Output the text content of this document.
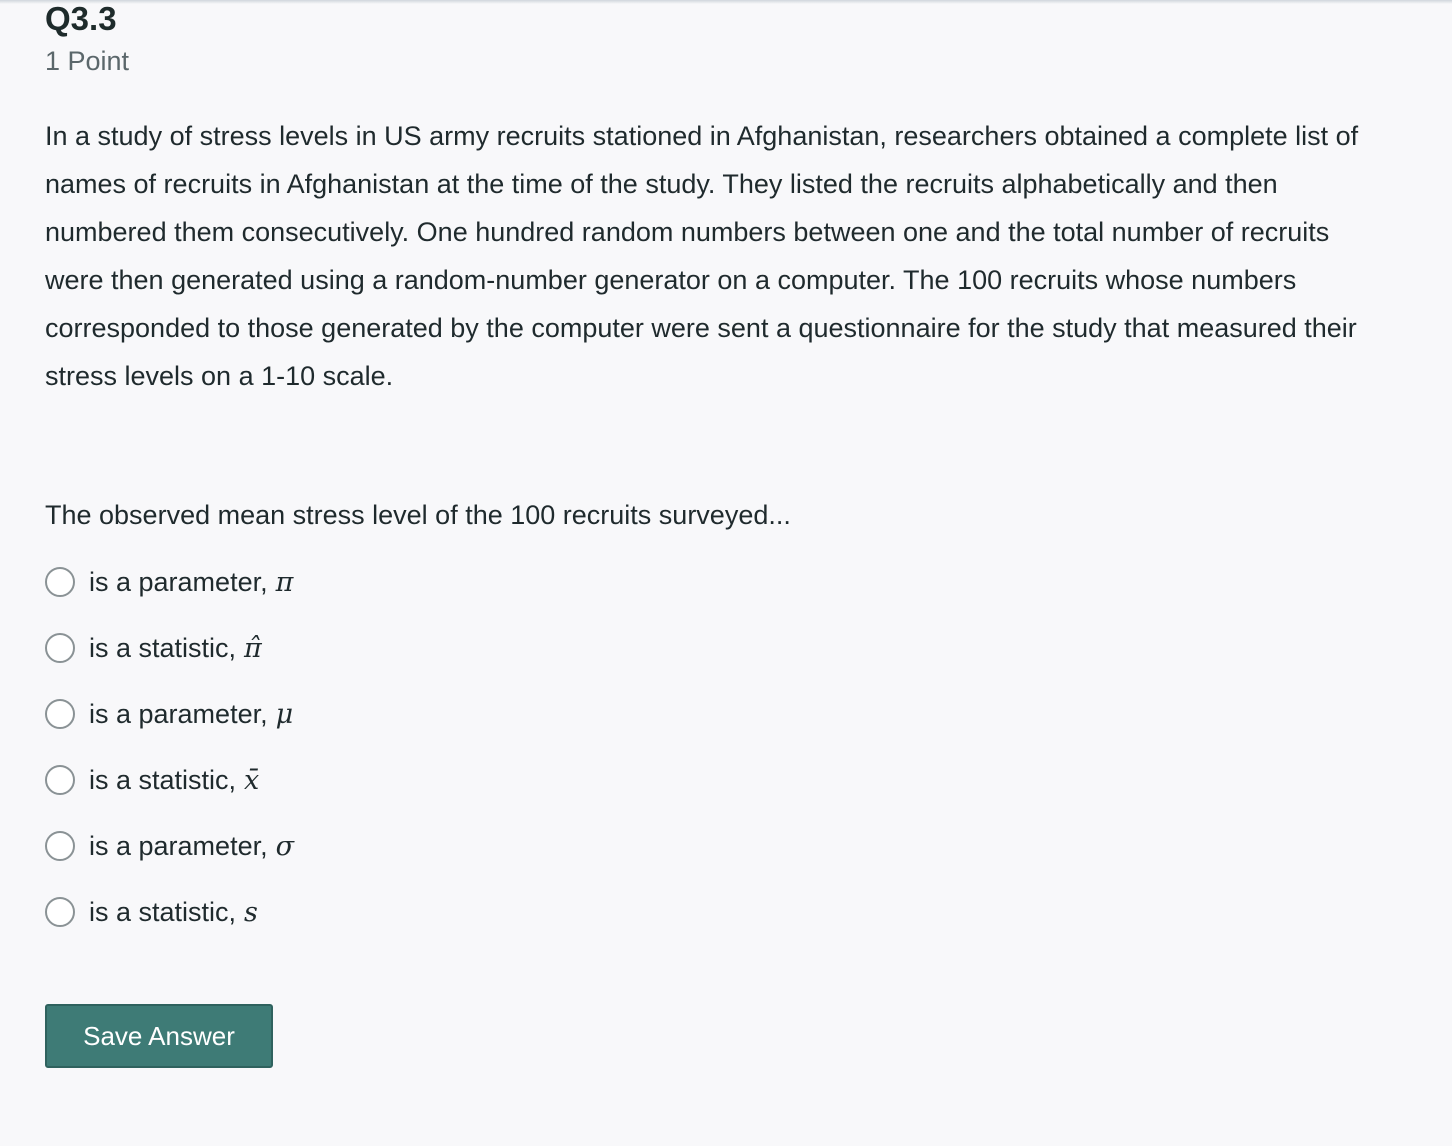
Q3.3
1 Point
In a study of stress levels in US army recruits stationed in Afghanistan, researchers obtained a complete list of names of recruits in Afghanistan at the time of the study. They listed the recruits alphabetically and then numbered them consecutively. One hundred random numbers between one and the total number of recruits were then generated using a random-number generator on a computer. The 100 recruits whose numbers corresponded to those generated by the computer were sent a questionnaire for the study that measured their stress levels on a 1-10 scale.
The observed mean stress level of the 100 recruits surveyed...
is a parameter, π
is a statistic, π̂
is a parameter, μ
is a statistic, x̄
is a parameter, σ
is a statistic, s
Save Answer
